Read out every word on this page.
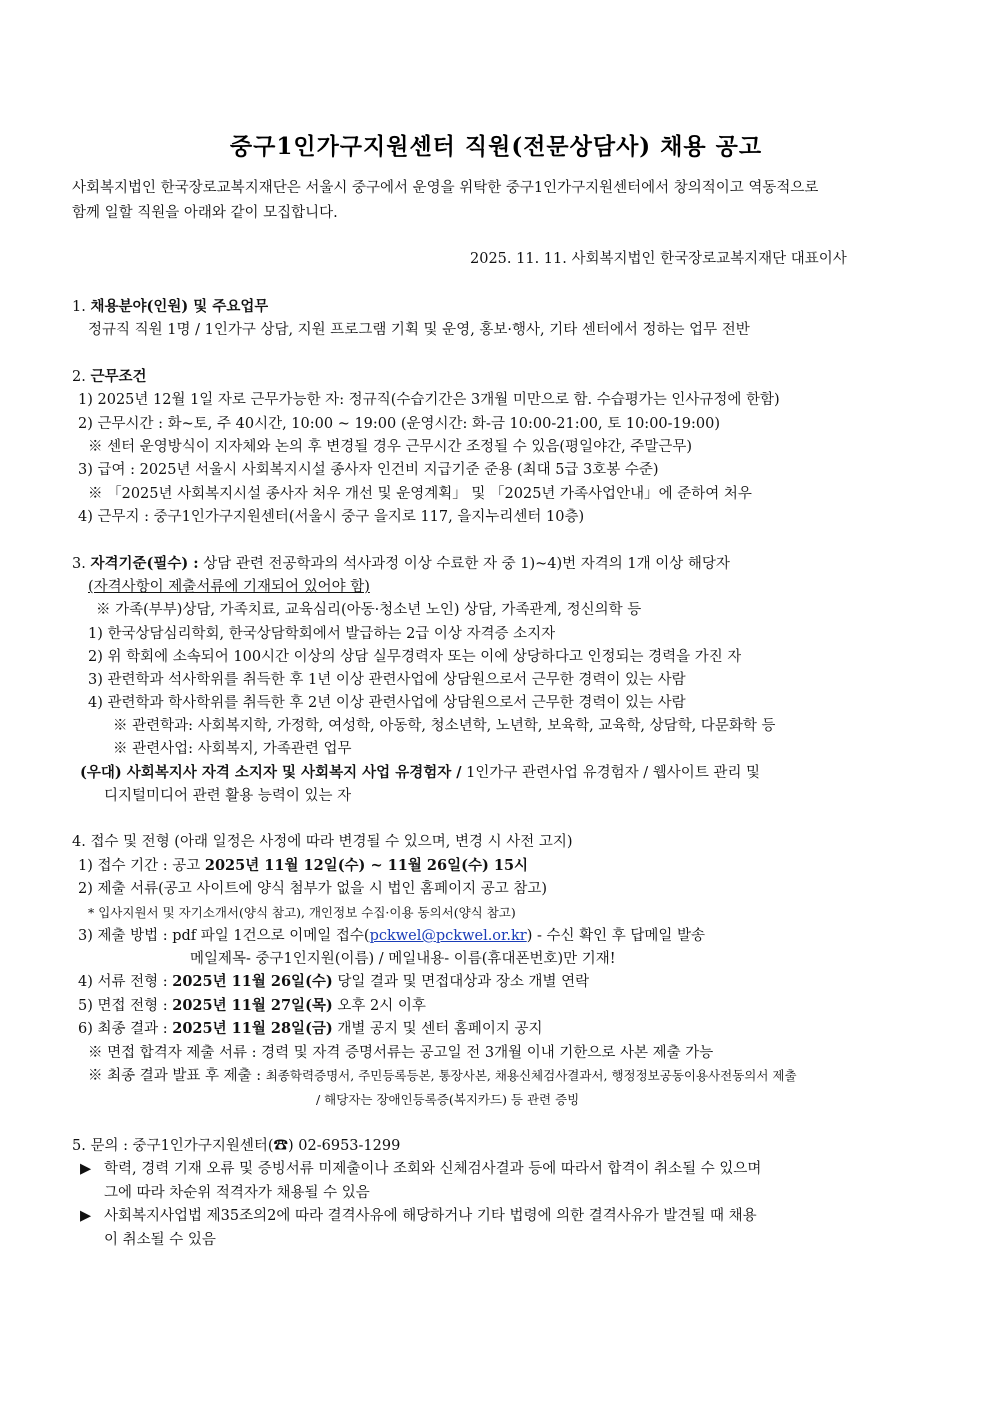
중구1인가구지원센터 직원(전문상담사) 채용 공고
사회복지법인 한국장로교복지재단은 서울시 중구에서 운영을 위탁한 중구1인가구지원센터에서 창의적이고 역동적으로
함께 일할 직원을 아래와 같이 모집합니다.
2025. 11. 11. 사회복지법인 한국장로교복지재단 대표이사
1. 채용분야(인원) 및 주요업무
정규직 직원 1명 / 1인가구 상담, 지원 프로그램 기획 및 운영, 홍보·행사, 기타 센터에서 정하는 업무 전반
2. 근무조건
1) 2025년 12월 1일 자로 근무가능한 자: 정규직(수습기간은 3개월 미만으로 함. 수습평가는 인사규정에 한함)
2) 근무시간 : 화~토, 주 40시간, 10:00 ~ 19:00 (운영시간: 화-금 10:00-21:00, 토 10:00-19:00)
※ 센터 운영방식이 지자체와 논의 후 변경될 경우 근무시간 조정될 수 있음(평일야간, 주말근무)
3) 급여 : 2025년 서울시 사회복지시설 종사자 인건비 지급기준 준용 (최대 5급 3호봉 수준)
※ 「2025년 사회복지시설 종사자 처우 개선 및 운영계획」 및 「2025년 가족사업안내」에 준하여 처우
4) 근무지 : 중구1인가구지원센터(서울시 중구 을지로 117, 을지누리센터 10층)
3. 자격기준(필수) : 상담 관련 전공학과의 석사과정 이상 수료한 자 중 1)~4)번 자격의 1개 이상 해당자
(자격사항이 제출서류에 기재되어 있어야 함)
※ 가족(부부)상담, 가족치료, 교육심리(아동·청소년 노인) 상담, 가족관계, 정신의학 등
1) 한국상담심리학회, 한국상담학회에서 발급하는 2급 이상 자격증 소지자
2) 위 학회에 소속되어 100시간 이상의 상담 실무경력자 또는 이에 상당하다고 인정되는 경력을 가진 자
3) 관련학과 석사학위를 취득한 후 1년 이상 관련사업에 상담원으로서 근무한 경력이 있는 사람
4) 관련학과 학사학위를 취득한 후 2년 이상 관련사업에 상담원으로서 근무한 경력이 있는 사람
※ 관련학과: 사회복지학, 가정학, 여성학, 아동학, 청소년학, 노년학, 보육학, 교육학, 상담학, 다문화학 등
※ 관련사업: 사회복지, 가족관련 업무
(우대) 사회복지사 자격 소지자 및 사회복지 사업 유경험자 / 1인가구 관련사업 유경험자 / 웹사이트 관리 및
디지털미디어 관련 활용 능력이 있는 자
4. 접수 및 전형 (아래 일정은 사정에 따라 변경될 수 있으며, 변경 시 사전 고지)
1) 접수 기간 : 공고 2025년 11월 12일(수) ~ 11월 26일(수) 15시
2) 제출 서류(공고 사이트에 양식 첨부가 없을 시 법인 홈페이지 공고 참고)
* 입사지원서 및 자기소개서(양식 참고), 개인정보 수집·이용 동의서(양식 참고)
3) 제출 방법 : pdf 파일 1건으로 이메일 접수(pckwel@pckwel.or.kr) - 수신 확인 후 답메일 발송
메일제목- 중구1인지원(이름) / 메일내용- 이름(휴대폰번호)만 기재!
4) 서류 전형 : 2025년 11월 26일(수) 당일 결과 및 면접대상과 장소 개별 연락
5) 면접 전형 : 2025년 11월 27일(목) 오후 2시 이후
6) 최종 결과 : 2025년 11월 28일(금) 개별 공지 및 센터 홈페이지 공지
※ 면접 합격자 제출 서류 : 경력 및 자격 증명서류는 공고일 전 3개월 이내 기한으로 사본 제출 가능
※ 최종 결과 발표 후 제출 : 최종학력증명서, 주민등록등본, 통장사본, 채용신체검사결과서, 행정정보공동이용사전동의서 제출
/ 해당자는 장애인등록증(복지카드) 등 관련 증빙
5. 문의 : 중구1인가구지원센터(☎) 02-6953-1299
▶ 학력, 경력 기재 오류 및 증빙서류 미제출이나 조회와 신체검사결과 등에 따라서 합격이 취소될 수 있으며
그에 따라 차순위 적격자가 채용될 수 있음
▶ 사회복지사업법 제35조의2에 따라 결격사유에 해당하거나 기타 법령에 의한 결격사유가 발견될 때 채용
이 취소될 수 있음
